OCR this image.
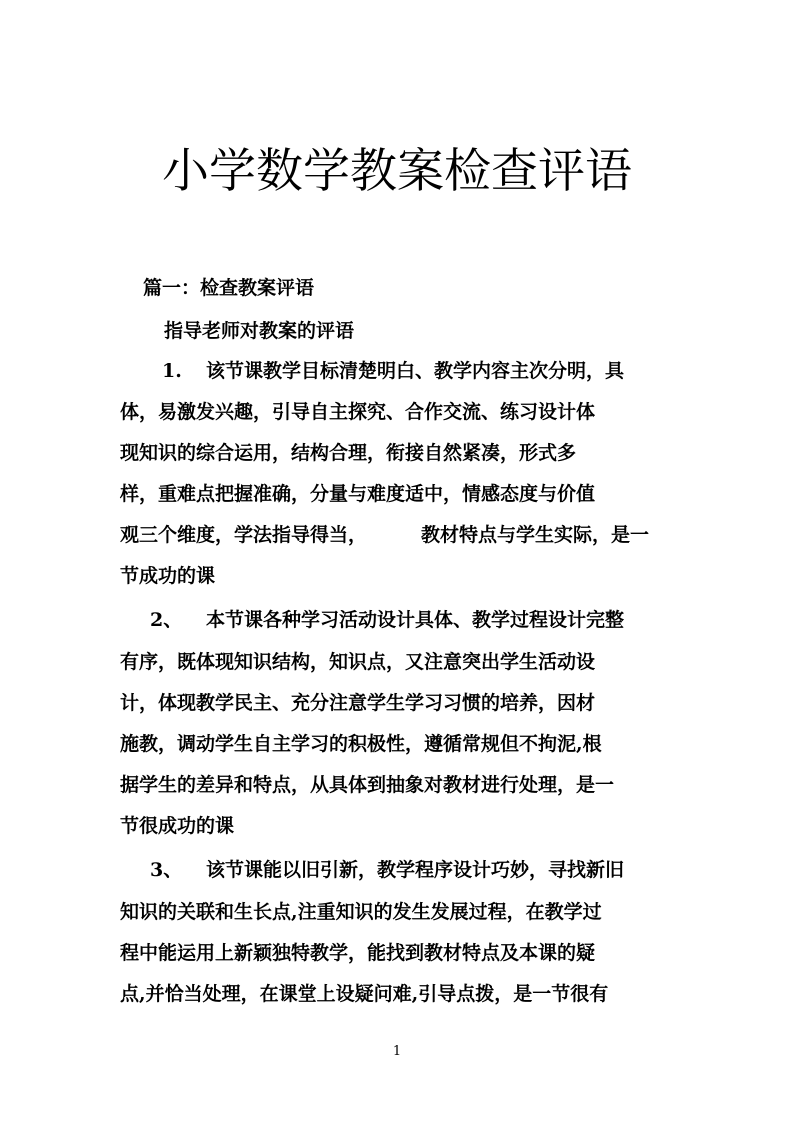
小学数学教案检查评语
篇一：检查教案评语
指导老师对教案的评语
1. 该节课教学目标清楚明白、教学内容主次分明，具
体，易激发兴趣，引导自主探究、合作交流、练习设计体
现知识的综合运用，结构合理，衔接自然紧凑，形式多
样，重难点把握准确，分量与难度适中，情感态度与价值
观三个维度，学法指导得当，	教材特点与学生实际，是一
节成功的课
2、 本节课各种学习活动设计具体、教学过程设计完整
有序，既体现知识结构，知识点，又注意突出学生活动设
计，体现教学民主、充分注意学生学习习惯的培养，因材
施教，调动学生自主学习的积极性，遵循常规但不拘泥,根
据学生的差异和特点，从具体到抽象对教材进行处理，是一
节很成功的课
3、 该节课能以旧引新，教学程序设计巧妙，寻找新旧
知识的关联和生长点,注重知识的发生发展过程，在教学过
程中能运用上新颖独特教学，能找到教材特点及本课的疑
点,并恰当处理，在课堂上设疑问难,引导点拨，是一节很有
1
